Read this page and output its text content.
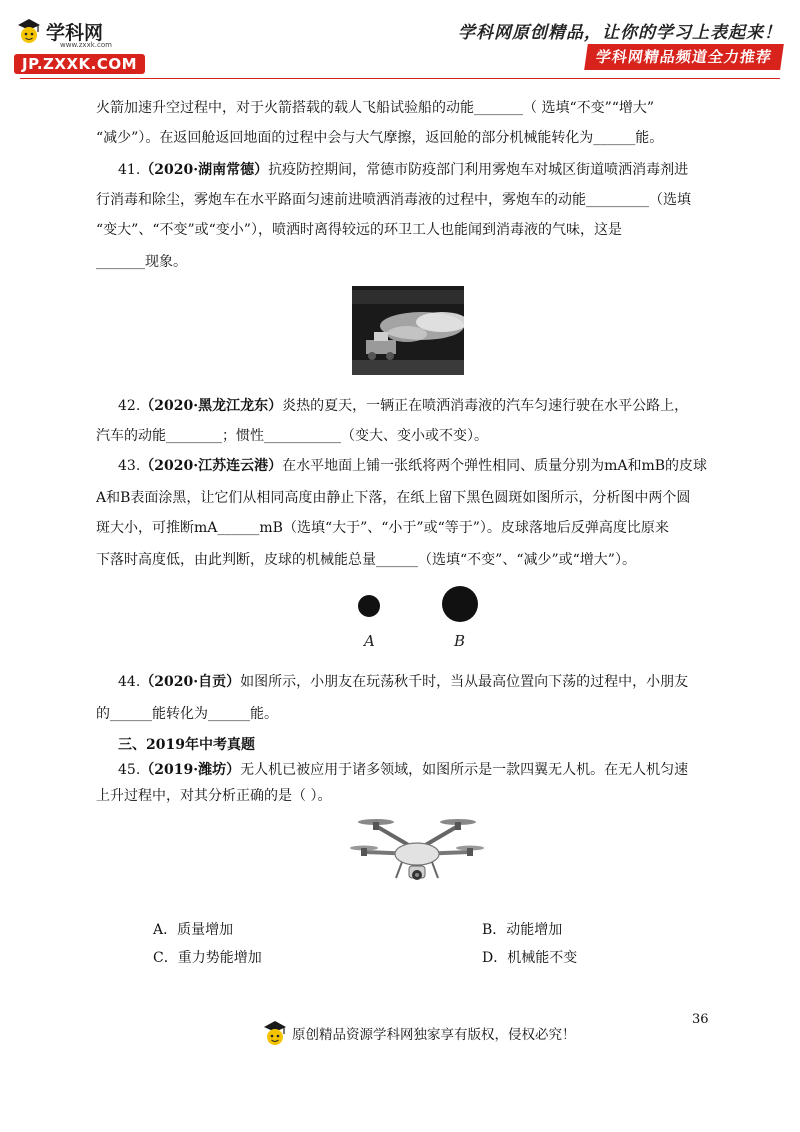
学科网
www.zxxk.com
JP.ZXXK.COM
学科网原创精品，让你的学习上表起来！
学科网精品频道全力推荐
火箭加速升空过程中，对于火箭搭载的载人飞船试验船的动能_______（ 选填“不变”“增大”
“减少”）。在返回舱返回地面的过程中会与大气摩擦，返回舱的部分机械能转化为______能。
41.（2020·湖南常德）抗疫防控期间，常德市防疫部门利用雾炮车对城区街道喷洒消毒剂进
行消毒和除尘，雾炮车在水平路面匀速前进喷洒消毒液的过程中，雾炮车的动能_________（选填
“变大”、“不变”或“变小”），喷洒时离得较远的环卫工人也能闻到消毒液的气味，这是
_______现象。
42.（2020·黑龙江龙东）炎热的夏天，一辆正在喷洒消毒液的汽车匀速行驶在水平公路上，
汽车的动能________；惯性___________（变大、变小或不变）。
43.（2020·江苏连云港）在水平地面上铺一张纸将两个弹性相同、质量分别为mA和mB的皮球
A和B表面涂黑，让它们从相同高度由静止下落，在纸上留下黑色圆斑如图所示，分析图中两个圆
斑大小，可推断mA______mB（选填“大于”、“小于”或“等于”）。皮球落地后反弹高度比原来
下落时高度低，由此判断，皮球的机械能总量______（选填“不变”、“减少”或“增大”）。
A	B
44.（2020·自贡）如图所示，小朋友在玩荡秋千时，当从最高位置向下荡的过程中，小朋友
的______能转化为______能。
三、2019年中考真题
45.（2019·潍坊）无人机已被应用于诸多领域，如图所示是一款四翼无人机。在无人机匀速
上升过程中，对其分析正确的是（ ）。
A．质量增加	B．动能增加
C．重力势能增加	D．机械能不变
36
原创精品资源学科网独家享有版权，侵权必究！
